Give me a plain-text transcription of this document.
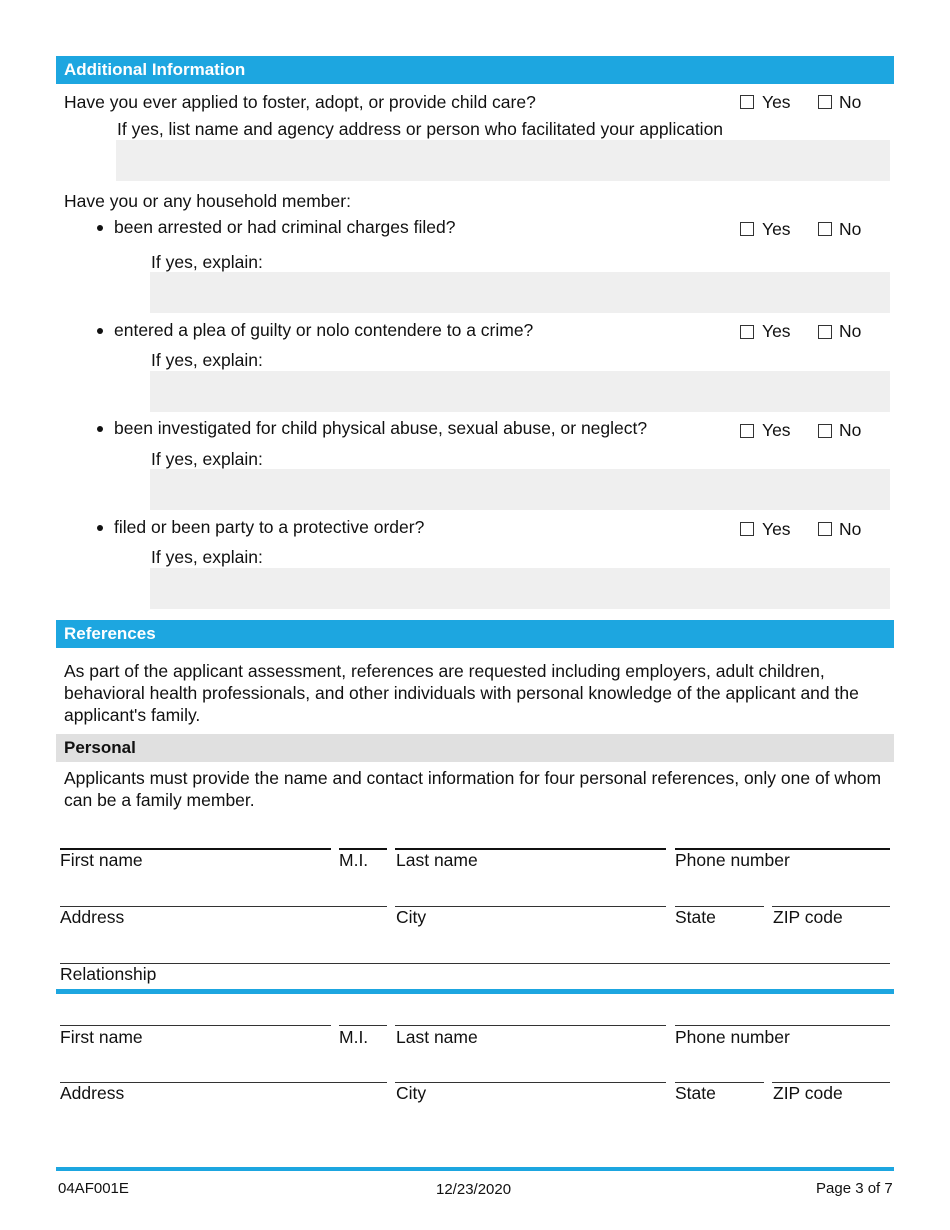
Additional Information
Have you ever applied to foster, adopt, or provide child care?	Yes	No
If yes, list name and agency address or person who facilitated your application
Have you or any household member:
been arrested or had criminal charges filed?	Yes	No
If yes, explain:
entered a plea of guilty or nolo contendere to a crime?	Yes	No
If yes, explain:
been investigated for child physical abuse, sexual abuse, or neglect?	Yes	No
If yes, explain:
filed or been party to a protective order?	Yes	No
If yes, explain:
References
As part of the applicant assessment, references are requested including employers, adult children, behavioral health professionals, and other individuals with personal knowledge of the applicant and the applicant's family.
Personal
Applicants must provide the name and contact information for four personal references, only one of whom can be a family member.
First name	M.I. Last name	Phone number
Address	City	State	ZIP code
Relationship
First name	M.I. Last name	Phone number
Address	City	State	ZIP code
04AF001E	12/23/2020	Page 3 of 7
